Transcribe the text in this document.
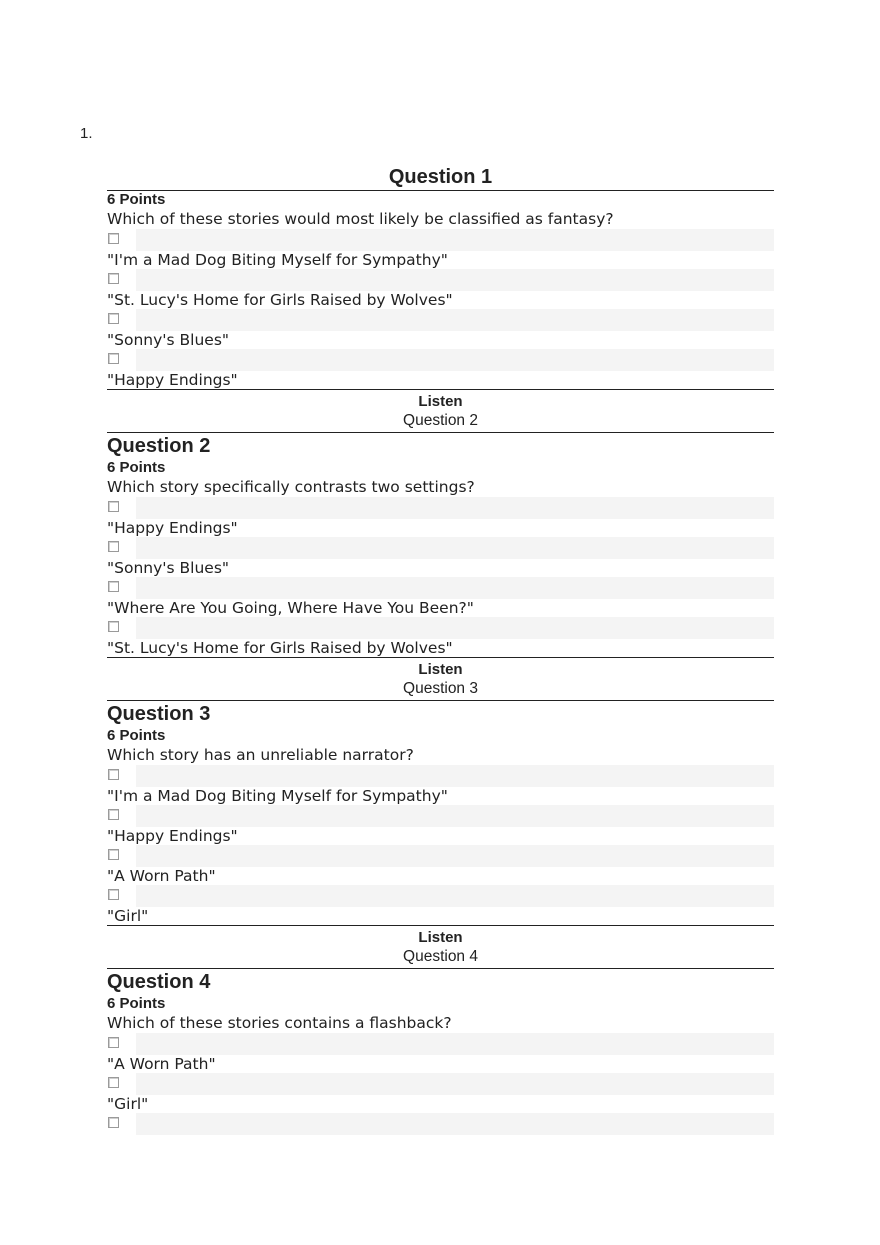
1.
Question 1
6 Points
Which of these stories would most likely be classified as fantasy?
"I'm a Mad Dog Biting Myself for Sympathy"
"St. Lucy's Home for Girls Raised by Wolves"
"Sonny's Blues"
"Happy Endings"
Listen
Question 2
Question 2
6 Points
Which story specifically contrasts two settings?
"Happy Endings"
"Sonny's Blues"
"Where Are You Going, Where Have You Been?"
"St. Lucy's Home for Girls Raised by Wolves"
Listen
Question 3
Question 3
6 Points
Which story has an unreliable narrator?
"I'm a Mad Dog Biting Myself for Sympathy"
"Happy Endings"
"A Worn Path"
"Girl"
Listen
Question 4
Question 4
6 Points
Which of these stories contains a flashback?
"A Worn Path"
"Girl"
